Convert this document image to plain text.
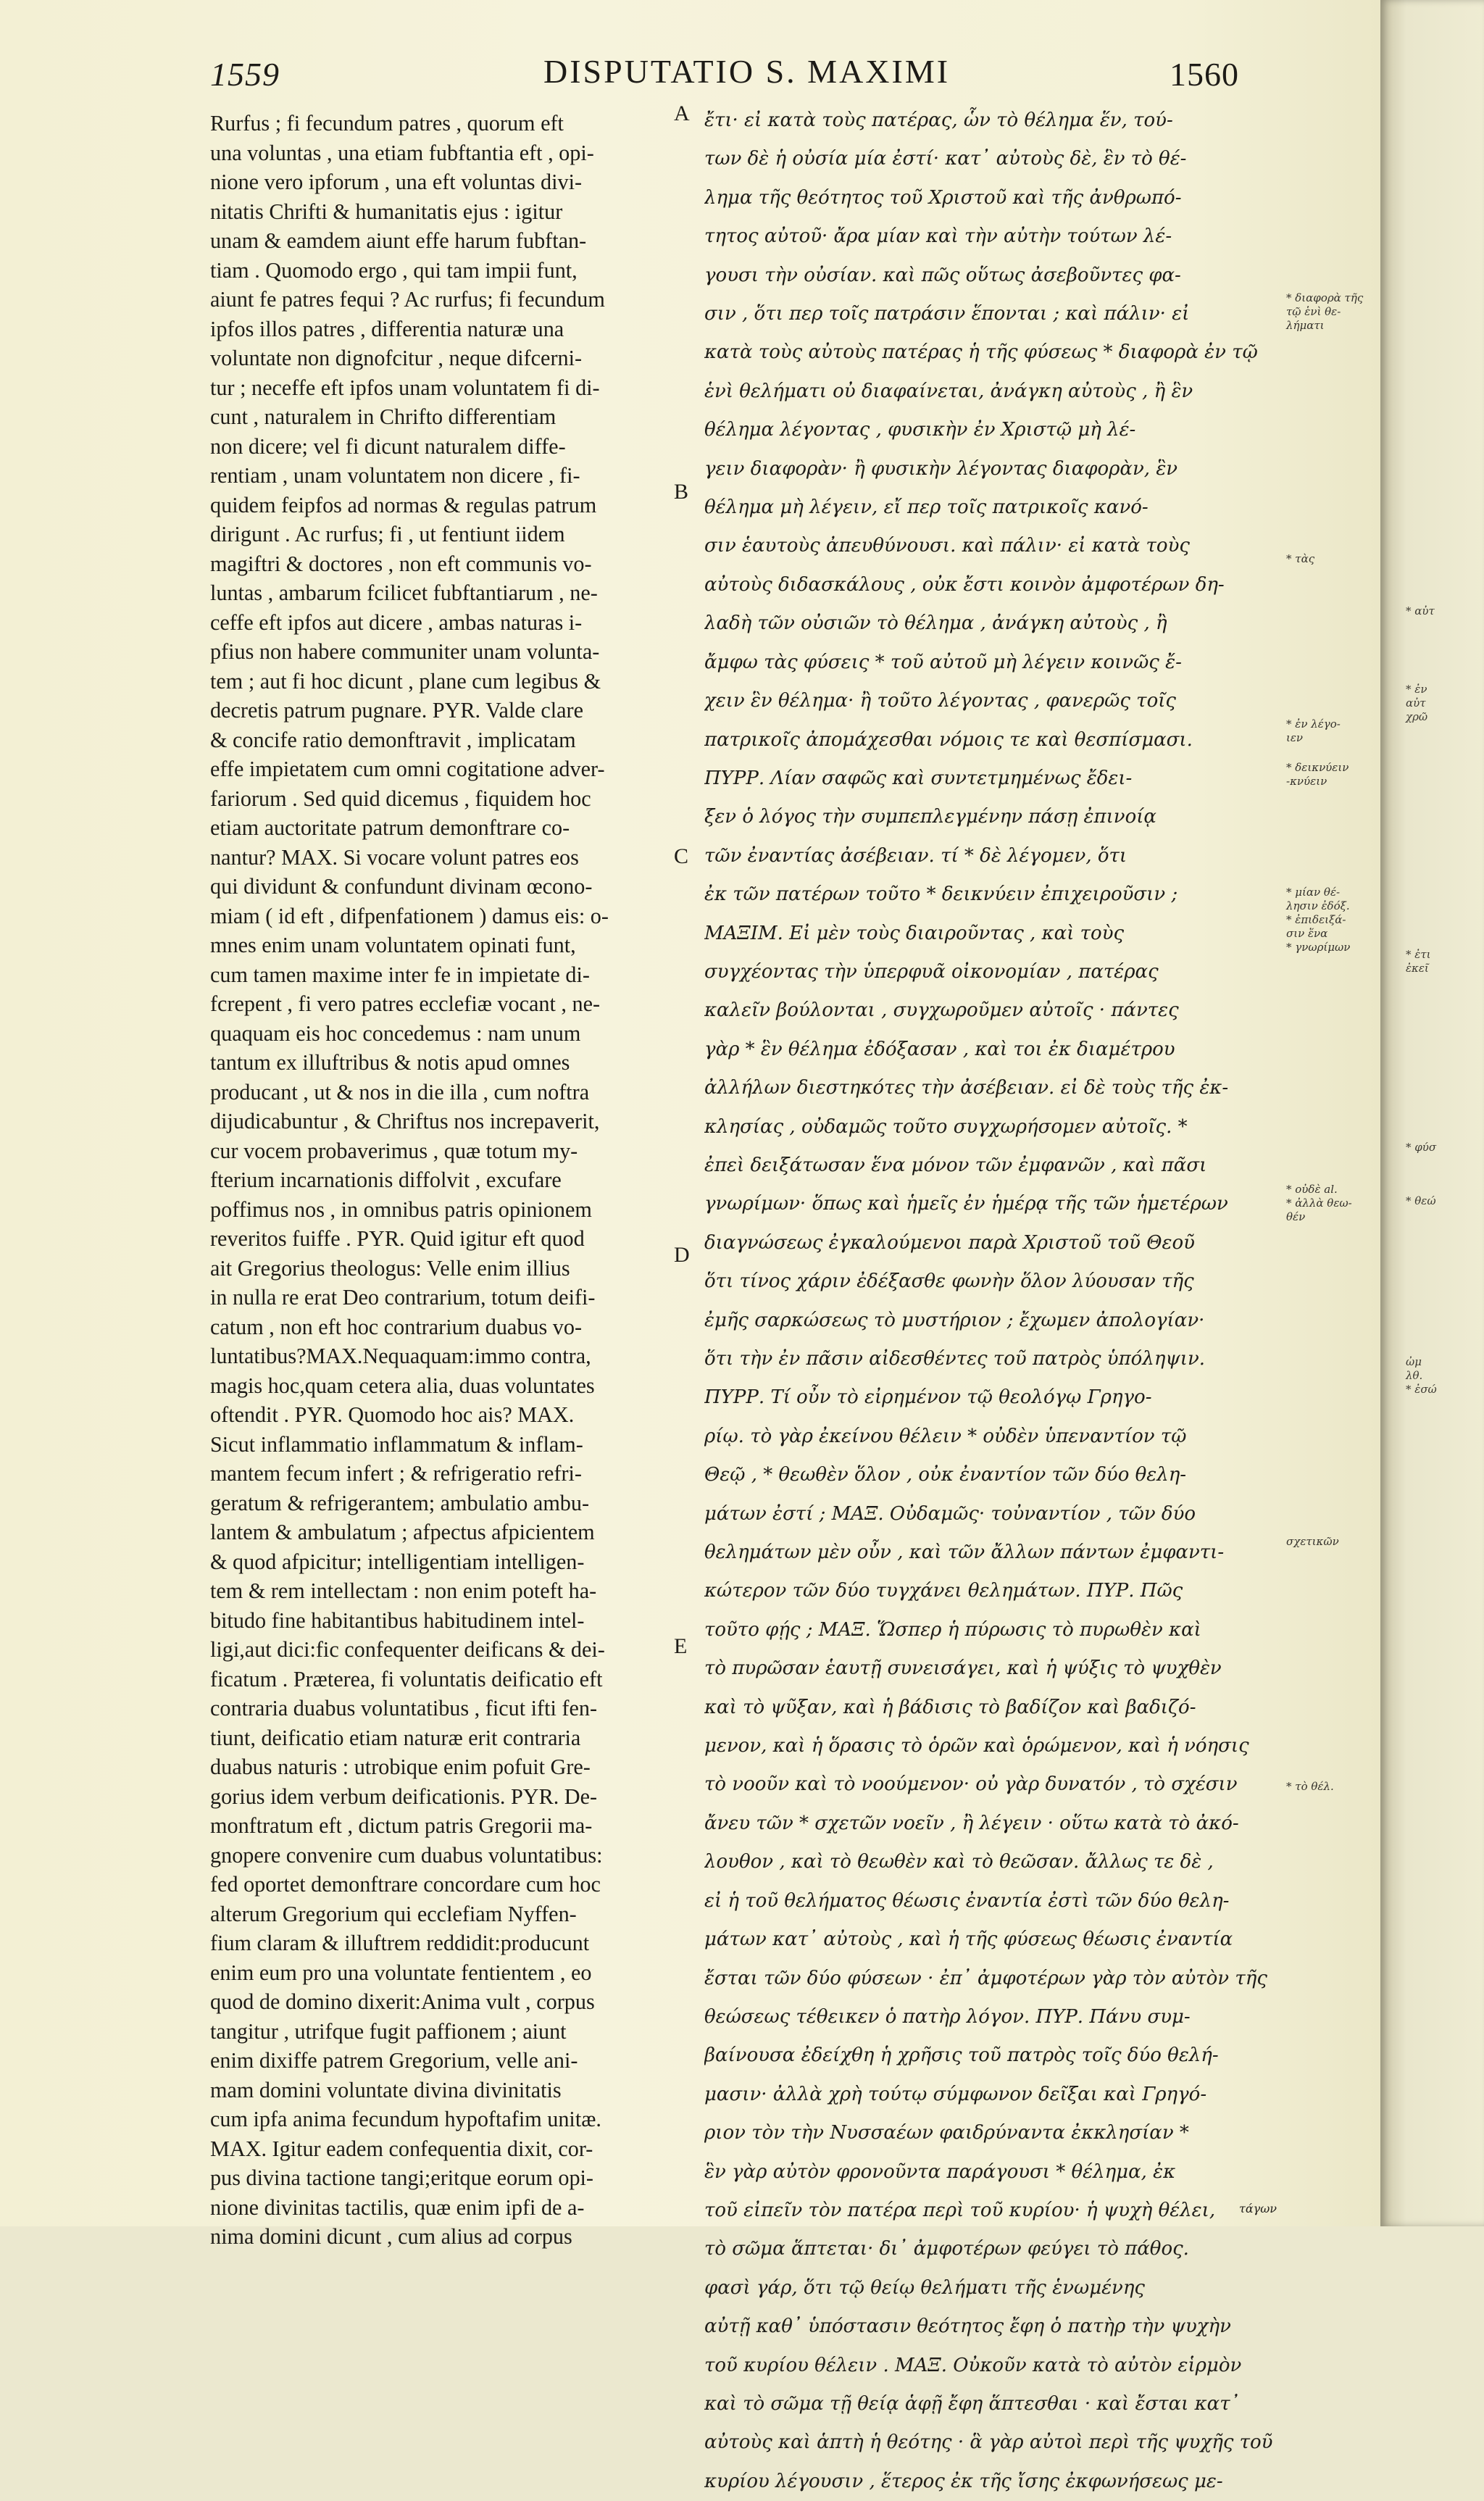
1559	DISPUTATIO S. MAXIMI	1560
Rurfus ; fi fecundum patres , quorum eft
una voluntas , una etiam fubftantia eft , opi-
nione vero ipforum , una eft voluntas divi-
nitatis Chrifti & humanitatis ejus : igitur
unam & eamdem aiunt effe harum fubftan-
tiam . Quomodo ergo , qui tam impii funt,
aiunt fe patres fequi ? Ac rurfus; fi fecundum
ipfos illos patres , differentia naturæ una
voluntate non dignofcitur , neque difcerni-
tur ; neceffe eft ipfos unam voluntatem fi di-
cunt , naturalem in Chrifto differentiam
non dicere; vel fi dicunt naturalem diffe-
rentiam , unam voluntatem non dicere , fi-
quidem feipfos ad normas & regulas patrum
dirigunt . Ac rurfus; fi , ut fentiunt iidem
magiftri & doctores , non eft communis vo-
luntas , ambarum fcilicet fubftantiarum , ne-
ceffe eft ipfos aut dicere , ambas naturas i-
pfius non habere communiter unam volunta-
tem ; aut fi hoc dicunt , plane cum legibus &
decretis patrum pugnare. PYR. Valde clare
& concife ratio demonftravit , implicatam
effe impietatem cum omni cogitatione adver-
fariorum . Sed quid dicemus , fiquidem hoc
etiam auctoritate patrum demonftrare co-
nantur? MAX. Si vocare volunt patres eos
qui dividunt & confundunt divinam œcono-
miam ( id eft , difpenfationem ) damus eis: o-
mnes enim unam voluntatem opinati funt,
cum tamen maxime inter fe in impietate di-
fcrepent , fi vero patres ecclefiæ vocant , ne-
quaquam eis hoc concedemus : nam unum
tantum ex illuftribus & notis apud omnes
producant , ut & nos in die illa , cum noftra
dijudicabuntur , & Chriftus nos increpaverit,
cur vocem probaverimus , quæ totum my-
fterium incarnationis diffolvit , excufare
poffimus nos , in omnibus patris opinionem
reveritos fuiffe . PYR. Quid igitur eft quod
ait Gregorius theologus: Velle enim illius
in nulla re erat Deo contrarium, totum deifi-
catum , non eft hoc contrarium duabus vo-
luntatibus?MAX.Nequaquam:immo contra,
magis hoc,quam cetera alia, duas voluntates
oftendit . PYR. Quomodo hoc ais? MAX.
Sicut inflammatio inflammatum & inflam-
mantem fecum infert ; & refrigeratio refri-
geratum & refrigerantem; ambulatio ambu-
lantem & ambulatum ; afpectus afpicientem
& quod afpicitur; intelligentiam intelligen-
tem & rem intellectam : non enim poteft ha-
bitudo fine habitantibus habitudinem intel-
ligi,aut dici:fic confequenter deificans & dei-
ficatum . Præterea, fi voluntatis deificatio eft
contraria duabus voluntatibus , ficut ifti fen-
tiunt, deificatio etiam naturæ erit contraria
duabus naturis : utrobique enim pofuit Gre-
gorius idem verbum deificationis. PYR. De-
monftratum eft , dictum patris Gregorii ma-
gnopere convenire cum duabus voluntatibus:
fed oportet demonftrare concordare cum hoc
alterum Gregorium qui ecclefiam Nyffen-
fium claram & illuftrem reddidit:producunt
enim eum pro una voluntate fentientem , eo
quod de domino dixerit:Anima vult , corpus
tangitur , utrifque fugit paffionem ; aiunt
enim dixiffe patrem Gregorium, velle ani-
mam domini voluntate divina divinitatis
cum ipfa anima fecundum hypoftafim unitæ.
MAX. Igitur eadem confequentia dixit, cor-
pus divina tactione tangi;eritque eorum opi-
nione divinitas tactilis, quæ enim ipfi de a-
nima domini dicunt , cum alius ad corpus
A
B
C
D
E
ἔτι· εἰ κατὰ τοὺς πατέρας, ὧν τὸ θέλημα ἕν, τού-
των δὲ ἡ οὐσία μία ἐστί· κατ᾽ αὐτοὺς δὲ, ἓν τὸ θέ-
λημα τῆς θεότητος τοῦ Χριστοῦ καὶ τῆς ἀνθρωπό-
τητος αὐτοῦ· ἄρα μίαν καὶ τὴν αὐτὴν τούτων λέ-
γουσι τὴν οὐσίαν. καὶ πῶς οὕτως ἀσεβοῦντες φα-
σιν , ὅτι περ τοῖς πατράσιν ἕπονται ; καὶ πάλιν· εἰ
κατὰ τοὺς αὐτοὺς πατέρας ἡ τῆς φύσεως * διαφορὰ ἐν τῷ
ἑνὶ θελήματι οὐ διαφαίνεται, ἀνάγκη αὐτοὺς , ἢ ἓν
θέλημα λέγοντας , φυσικὴν ἐν Χριστῷ μὴ λέ-
γειν διαφορὰν· ἢ φυσικὴν λέγοντας διαφορὰν, ἓν
θέλημα μὴ λέγειν, εἴ περ τοῖς πατρικοῖς κανό-
σιν ἑαυτοὺς ἀπευθύνουσι. καὶ πάλιν· εἰ κατὰ τοὺς
αὐτοὺς διδασκάλους , οὐκ ἔστι κοινὸν ἀμφοτέρων δη-
λαδὴ τῶν οὐσιῶν τὸ θέλημα , ἀνάγκη αὐτοὺς , ἢ
ἄμφω τὰς φύσεις * τοῦ αὐτοῦ μὴ λέγειν κοινῶς ἔ-
χειν ἓν θέλημα· ἢ τοῦτο λέγοντας , φανερῶς τοῖς
πατρικοῖς ἀπομάχεσθαι νόμοις τε καὶ θεσπίσμασι.
ΠΥΡΡ. Λίαν σαφῶς καὶ συντετμημένως ἔδει-
ξεν ὁ λόγος τὴν συμπεπλεγμένην πάσῃ ἐπινοίᾳ
τῶν ἐναντίας ἀσέβειαν. τί * δὲ λέγομεν, ὅτι
ἐκ τῶν πατέρων τοῦτο * δεικνύειν ἐπιχειροῦσιν ;
ΜΑΞΙΜ. Εἰ μὲν τοὺς διαιροῦντας , καὶ τοὺς
συγχέοντας τὴν ὑπερφυᾶ οἰκονομίαν , πατέρας
καλεῖν βούλονται , συγχωροῦμεν αὐτοῖς · πάντες
γὰρ * ἓν θέλημα ἐδόξασαν , καὶ τοι ἐκ διαμέτρου
ἀλλήλων διεστηκότες τὴν ἀσέβειαν. εἰ δὲ τοὺς τῆς ἐκ-
κλησίας , οὐδαμῶς τοῦτο συγχωρήσομεν αὐτοῖς. *
ἐπεὶ δειξάτωσαν ἕνα μόνον τῶν ἐμφανῶν , καὶ πᾶσι
γνωρίμων· ὅπως καὶ ἡμεῖς ἐν ἡμέρᾳ τῆς τῶν ἡμετέρων
διαγνώσεως ἐγκαλούμενοι παρὰ Χριστοῦ τοῦ Θεοῦ
ὅτι τίνος χάριν ἐδέξασθε φωνὴν ὅλον λύουσαν τῆς
ἐμῆς σαρκώσεως τὸ μυστήριον ; ἔχωμεν ἀπολογίαν·
ὅτι τὴν ἐν πᾶσιν αἰδεσθέντες τοῦ πατρὸς ὑπόληψιν.
ΠΥΡΡ. Τί οὖν τὸ εἰρημένον τῷ θεολόγῳ Γρηγο-
ρίῳ. τὸ γὰρ ἐκείνου θέλειν * οὐδὲν ὑπεναντίον τῷ
Θεῷ , * θεωθὲν ὅλον , οὐκ ἐναντίον τῶν δύο θελη-
μάτων ἐστί ; ΜΑΞ. Οὐδαμῶς· τοὐναντίον , τῶν δύο
θελημάτων μὲν οὖν , καὶ τῶν ἄλλων πάντων ἐμφαντι-
κώτερον τῶν δύο τυγχάνει θελημάτων. ΠΥΡ. Πῶς
τοῦτο φῄς ; ΜΑΞ. Ὥσπερ ἡ πύρωσις τὸ πυρωθὲν καὶ
τὸ πυρῶσαν ἑαυτῇ συνεισάγει, καὶ ἡ ψύξις τὸ ψυχθὲν
καὶ τὸ ψῦξαν, καὶ ἡ βάδισις τὸ βαδίζον καὶ βαδιζό-
μενον, καὶ ἡ ὅρασις τὸ ὁρῶν καὶ ὁρώμενον, καὶ ἡ νόησις
τὸ νοοῦν καὶ τὸ νοούμενον· οὐ γὰρ δυνατόν , τὸ σχέσιν
ἄνευ τῶν * σχετῶν νοεῖν , ἢ λέγειν · οὕτω κατὰ τὸ ἀκό-
λουθον , καὶ τὸ θεωθὲν καὶ τὸ θεῶσαν. ἄλλως τε δὲ ,
εἰ ἡ τοῦ θελήματος θέωσις ἐναντία ἐστὶ τῶν δύο θελη-
μάτων κατ᾽ αὐτοὺς , καὶ ἡ τῆς φύσεως θέωσις ἐναντία
ἔσται τῶν δύο φύσεων · ἐπ᾽ ἀμφοτέρων γὰρ τὸν αὐτὸν τῆς
θεώσεως τέθεικεν ὁ πατὴρ λόγον. ΠΥΡ. Πάνυ συμ-
βαίνουσα ἐδείχθη ἡ χρῆσις τοῦ πατρὸς τοῖς δύο θελή-
μασιν· ἀλλὰ χρὴ τούτῳ σύμφωνον δεῖξαι καὶ Γρηγό-
ριον τὸν τὴν Νυσσαέων φαιδρύναντα ἐκκλησίαν *
ἓν γὰρ αὐτὸν φρονοῦντα παράγουσι * θέλημα, ἐκ
τοῦ εἰπεῖν τὸν πατέρα περὶ τοῦ κυρίου· ἡ ψυχὴ θέλει,
τὸ σῶμα ἅπτεται· δι᾽ ἀμφοτέρων φεύγει τὸ πάθος.
φασὶ γάρ, ὅτι τῷ θείῳ θελήματι τῆς ἑνωμένης
αὐτῇ καθ᾽ ὑπόστασιν θεότητος ἔφη ὁ πατὴρ τὴν ψυχὴν
τοῦ κυρίου θέλειν . ΜΑΞ. Οὐκοῦν κατὰ τὸ αὐτὸν εἱρμὸν
καὶ τὸ σῶμα τῇ θείᾳ ἁφῇ ἔφη ἅπτεσθαι · καὶ ἔσται κατ᾽
αὐτοὺς καὶ ἁπτὴ ἡ θεότης · ἃ γὰρ αὐτοὶ περὶ τῆς ψυχῆς τοῦ
κυρίου λέγουσιν , ἕτερος ἐκ τῆς ἴσης ἐκφωνήσεως με-
τάγων
* διαφορὰ τῆς
τῷ ἑνὶ θε-
λήματι
* τὰς
* ἐν λέγο-
ιεν
* δεικνύειν
-κνύειν
* μίαν θέ-
λησιν ἐδόξ.
* ἐπιδειξά-
σιν ἕνα
* γνωρίμων
* οὐδὲ al.
* ἀλλὰ θεω-
θέν
σχετικῶν
* τὸ θέλ.
* αὐτ
* ἐν
αὐτ
χρῶ
* ἐτι
ἐκεῖ
* φύσ
* θεώ
ὠμ
λθ.
* ἐσώ
